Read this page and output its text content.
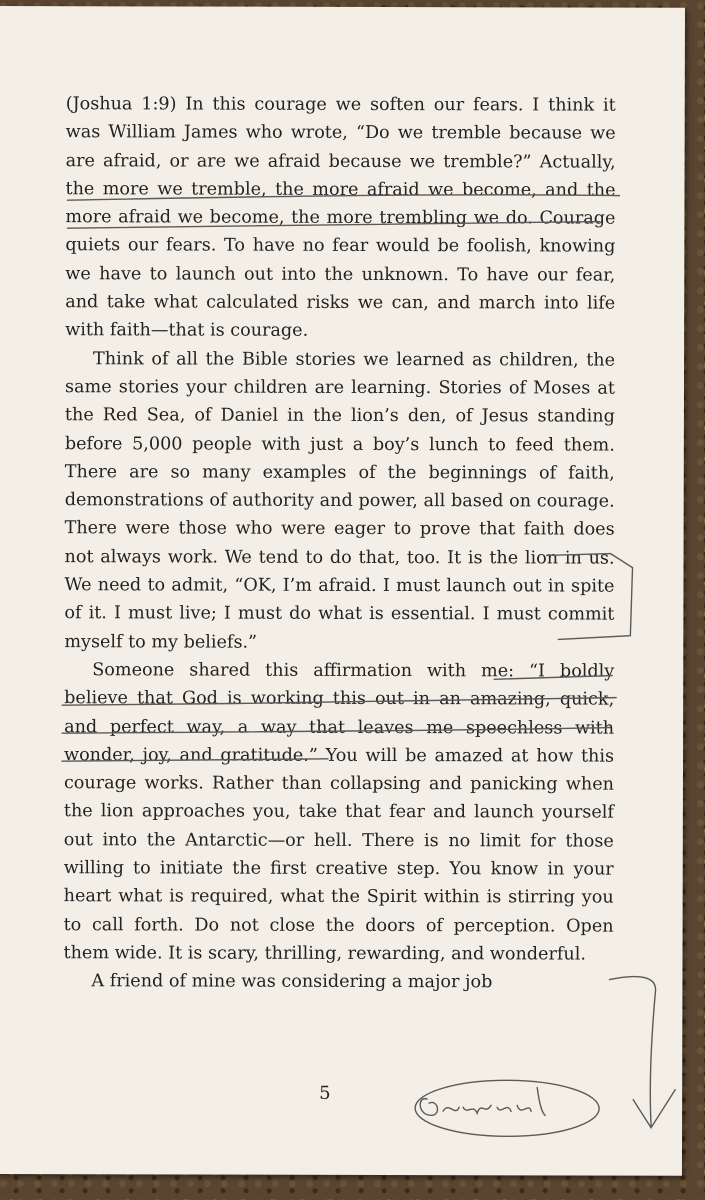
(Joshua 1:9) In this courage we soften our fears. I think it was William James who wrote, “Do we tremble because we are afraid, or are we afraid because we tremble?” Actually, the more we tremble, the more afraid we become, and the more afraid we become, the more trembling we do. Courage quiets our fears. To have no fear would be foolish, knowing we have to launch out into the unknown. To have our fear, and take what calculated risks we can, and march into life with faith—that is courage.

Think of all the Bible stories we learned as children, the same stories your children are learning. Stories of Moses at the Red Sea, of Daniel in the lion’s den, of Jesus standing before 5,000 people with just a boy’s lunch to feed them. There are so many examples of the beginnings of faith, demonstrations of authority and power, all based on courage. There were those who were eager to prove that faith does not always work. We tend to do that, too. It is the lion in us. We need to admit, “OK, I’m afraid. I must launch out in spite of it. I must live; I must do what is essential. I must commit myself to my beliefs.”

Someone shared this affirmation with me: “I boldly believe that God is working this out in an amazing, quick, and perfect way, a way that leaves me speechless with wonder, joy, and gratitude.” You will be amazed at how this courage works. Rather than collapsing and panicking when the lion approaches you, take that fear and launch yourself out into the Antarctic—or hell. There is no limit for those willing to initiate the first creative step. You know in your heart what is required, what the Spirit within is stirring you to call forth. Do not close the doors of perception. Open them wide. It is scary, thrilling, rewarding, and wonderful.

A friend of mine was considering a major job

5
